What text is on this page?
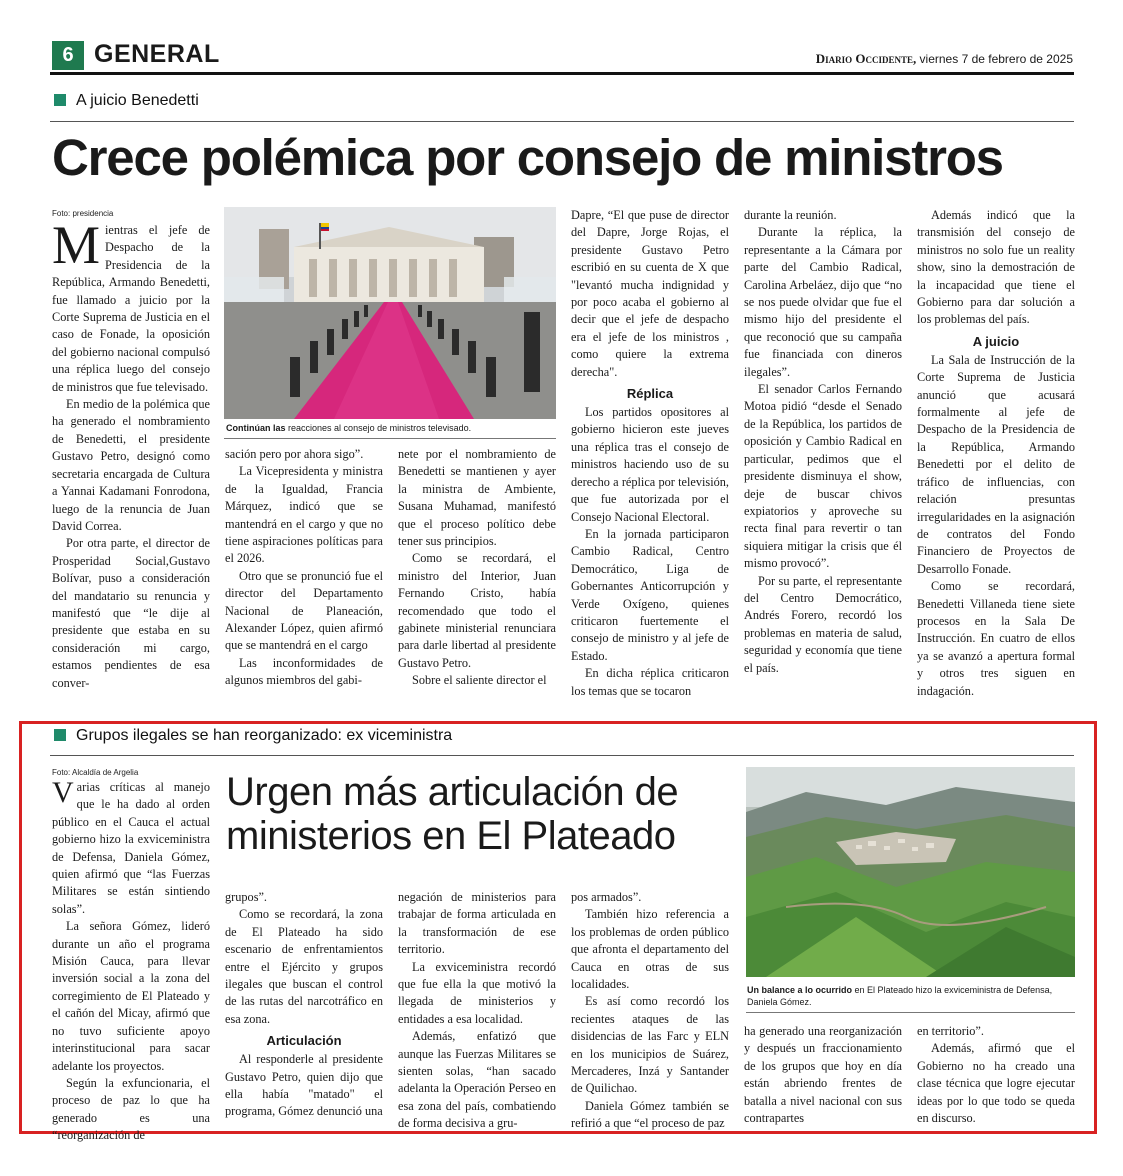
6 GENERAL	Diario Occidente, viernes 7 de febrero de 2025
A juicio Benedetti
Crece polémica por consejo de ministros
Foto: presidencia
Continúan las reacciones al consejo de ministros televisado.
M ientras el jefe de Despacho de la Presidencia de la República, Armando Benedetti, fue llamado a juicio por la Corte Suprema de Justicia en el caso de Fonade, la oposición del gobierno nacional compulsó una réplica luego del consejo de ministros que fue televisado.

En medio de la polémica que ha generado el nombramiento de Benedetti, el presidente Gustavo Petro, designó como secretaria encargada de Cultura a Yannai Kadamani Fonrodona, luego de la renuncia de Juan David Correa.

Por otra parte, el director de Prosperidad Social,Gustavo Bolívar, puso a consideración del mandatario su renuncia y manifestó que “le dije al presidente que estaba en su consideración mi cargo, estamos pendientes de esa conver-

sación pero por ahora sigo”.

La Vicepresidenta y ministra de la Igualdad, Francia Márquez, indicó que se mantendrá en el cargo y que no tiene aspiraciones políticas para el 2026.

Otro que se pronunció fue el director del Departamento Nacional de Planeación, Alexander López, quien afirmó que se mantendrá en el cargo

Las inconformidades de algunos miembros del gabi-

nete por el nombramiento de Benedetti se mantienen y ayer la ministra de Ambiente, Susana Muhamad, manifestó que el proceso político debe tener sus principios.

Como se recordará, el ministro del Interior, Juan Fernando Cristo, había recomendado que todo el gabinete ministerial renunciara para darle libertad al presidente Gustavo Petro.

Sobre el saliente director el

Dapre, “El que puse de director del Dapre, Jorge Rojas, el presidente Gustavo Petro escribió en su cuenta de X que "levantó mucha indignidad y por poco acaba el gobierno al decir que el jefe de despacho era el jefe de los ministros , como quiere la extrema derecha".

Réplica

Los partidos opositores al gobierno hicieron este jueves una réplica tras el consejo de ministros haciendo uso de su derecho a réplica por televisión, que fue autorizada por el Consejo Nacional Electoral.

En la jornada participaron Cambio Radical, Centro Democrático, Liga de Gobernantes Anticorrupción y Verde Oxígeno, quienes criticaron fuertemente el consejo de ministro y al jefe de Estado.

En dicha réplica criticaron los temas que se tocaron

durante la reunión.

Durante la réplica, la representante a la Cámara por parte del Cambio Radical, Carolina Arbeláez, dijo que “no se nos puede olvidar que fue el mismo hijo del presidente el que reconoció que su campaña fue financiada con dineros ilegales”.

El senador Carlos Fernando Motoa pidió “desde el Senado de la República, los partidos de oposición y Cambio Radical en particular, pedimos que el presidente disminuya el show, deje de buscar chivos expiatorios y aproveche su recta final para revertir o tan siquiera mitigar la crisis que él mismo provocó”.

Por su parte, el representante del Centro Democrático, Andrés Forero, recordó los problemas en materia de salud, seguridad y economía que tiene el país.

Además indicó que la transmisión del consejo de ministros no solo fue un reality show, sino la demostración de la incapacidad que tiene el Gobierno para dar solución a los problemas del país.

A juicio

La Sala de Instrucción de la Corte Suprema de Justicia anunció que acusará formalmente al jefe de Despacho de la Presidencia de la República, Armando Benedetti por el delito de tráfico de influencias, con relación presuntas irregularidades en la asignación de contratos del Fondo Financiero de Proyectos de Desarrollo Fonade.

Como se recordará, Benedetti Villaneda tiene siete procesos en la Sala De Instrucción. En cuatro de ellos ya se avanzó a apertura formal y otros tres siguen en indagación.

Grupos ilegales se han reorganizado: ex viceministra
Foto: Alcaldía de Argelia Urgen más articulación de
ministerios en El Plateado
Un balance a lo ocurrido en El Plateado hizo la exviceministra de Defensa, Daniela Gómez.
V arias críticas al manejo que le ha dado al orden público en el Cauca el actual gobierno hizo la exviceministra de Defensa, Daniela Gómez, quien afirmó que “las Fuerzas Militares se están sintiendo solas”.

La señora Gómez, lideró durante un año el programa Misión Cauca, para llevar inversión social a la zona del corregimiento de El Plateado y el cañón del Micay, afirmó que no tuvo suficiente apoyo interinstitucional para sacar adelante los proyectos.

Según la exfuncionaria, el proceso de paz lo que ha generado es una “reorganización de

grupos”.

Como se recordará, la zona de El Plateado ha sido escenario de enfrentamientos entre el Ejército y grupos ilegales que buscan el control de las rutas del narcotráfico en esa zona.

Articulación

Al responderle al presidente Gustavo Petro, quien dijo que ella había "matado" el programa, Gómez denunció una

negación de ministerios para trabajar de forma articulada en la transformación de ese territorio.

La exviceministra recordó que fue ella la que motivó la llegada de ministerios y entidades a esa localidad.

Además, enfatizó que aunque las Fuerzas Militares se sienten solas, “han sacado adelanta la Operación Perseo en esa zona del país, combatiendo de forma decisiva a gru-

pos armados”.

También hizo referencia a los problemas de orden público que afronta el departamento del Cauca en otras de sus localidades.

Es así como recordó los recientes ataques de las disidencias de las Farc y ELN en los municipios de Suárez, Mercaderes, Inzá y Santander de Quilichao.

Daniela Gómez también se refirió a que “el proceso de paz

ha generado una reorganización y después un fraccionamiento de los grupos que hoy en día están abriendo frentes de batalla a nivel nacional con sus contrapartes

en territorio”.

Además, afirmó que el Gobierno no ha creado una clase técnica que logre ejecutar ideas por lo que todo se queda en discurso.
